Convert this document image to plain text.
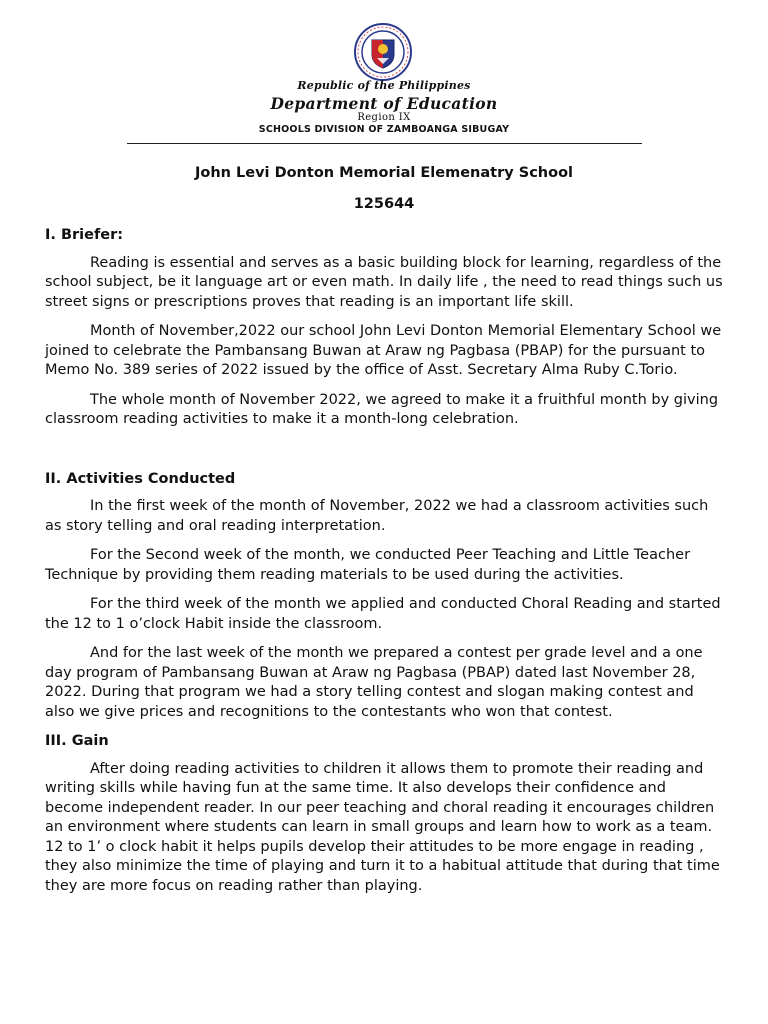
Republic of the Philippines
Department of Education
Region IX
SCHOOLS DIVISION OF ZAMBOANGA SIBUGAY
John Levi Donton Memorial Elemenatry School
125644
I. Briefer:

Reading is essential and serves as a basic building block for learning, regardless of the school subject, be it language art or even math. In daily life , the need to read things such us street signs or prescriptions proves that reading is an important life skill.

Month of November,2022 our school John Levi Donton Memorial Elementary School we joined to celebrate the Pambansang Buwan at Araw ng Pagbasa (PBAP) for the pursuant to Memo No. 389 series of 2022 issued by the office of Asst. Secretary Alma Ruby C.Torio.

The whole month of November 2022, we agreed to make it a fruithful month by giving classroom reading activities to make it a month-long celebration.

II. Activities Conducted

In the first week of the month of November, 2022 we had a classroom activities such as story telling and oral reading interpretation.

For the Second week of the month, we conducted Peer Teaching and Little Teacher Technique by providing them reading materials to be used during the activities.

For the third week of the month we applied and conducted Choral Reading and started the 12 to 1 o’clock Habit inside the classroom.

And for the last week of the month we prepared a contest per grade level and a one day program of Pambansang Buwan at Araw ng Pagbasa (PBAP) dated last November 28, 2022. During that program we had a story telling contest and slogan making contest and also we give prices and recognitions to the contestants who won that contest.

III. Gain

After doing reading activities to children it allows them to promote their reading and writing skills while having fun at the same time. It also develops their confidence and become independent reader. In our peer teaching and choral reading it encourages children an environment where students can learn in small groups and learn how to work as a team. 12 to 1’ o clock habit it helps pupils develop their attitudes to be more engage in reading , they also minimize the time of playing and turn it to a habitual attitude that during that time they are more focus on reading rather than playing.
